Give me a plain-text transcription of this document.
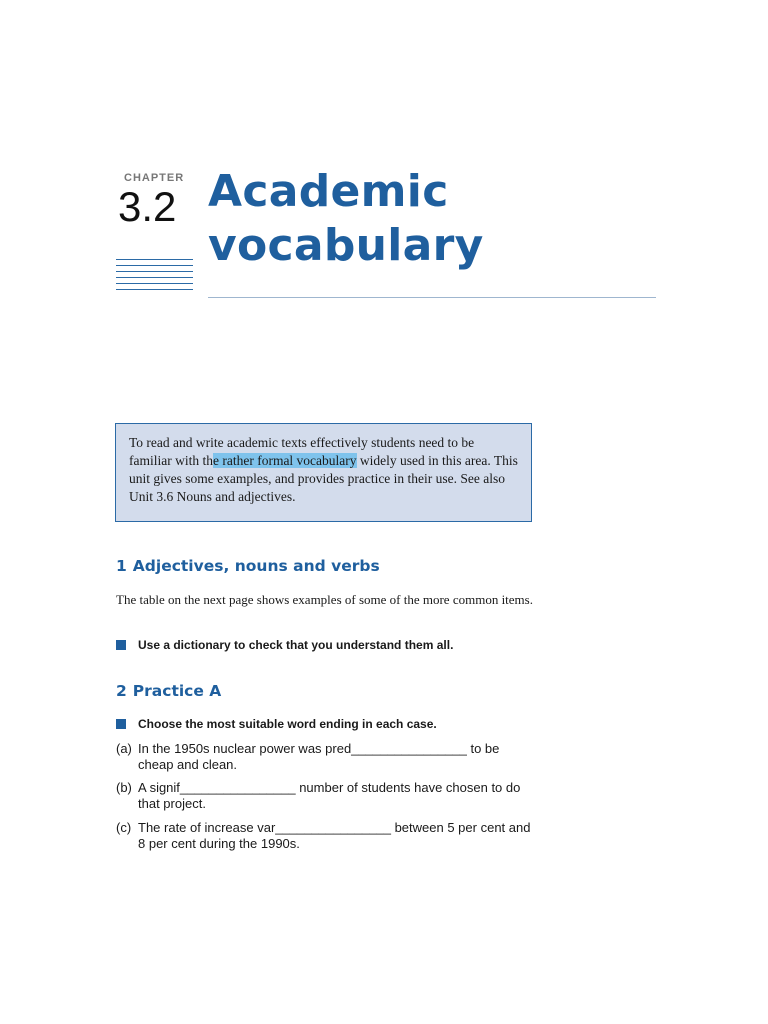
CHAPTER
3.2 Academic
vocabulary
To read and write academic texts effectively students need to be familiar with the rather formal vocabulary widely used in this area. This unit gives some examples, and provides practice in their use. See also Unit 3.6 Nouns and adjectives.
1 Adjectives, nouns and verbs
The table on the next page shows examples of some of the more common items.
Use a dictionary to check that you understand them all.
2 Practice A
Choose the most suitable word ending in each case.
(a) In the 1950s nuclear power was pred________________ to be cheap and clean.
(b) A signif________________ number of students have chosen to do that project.
(c) The rate of increase var________________ between 5 per cent and 8 per cent during the 1990s.
